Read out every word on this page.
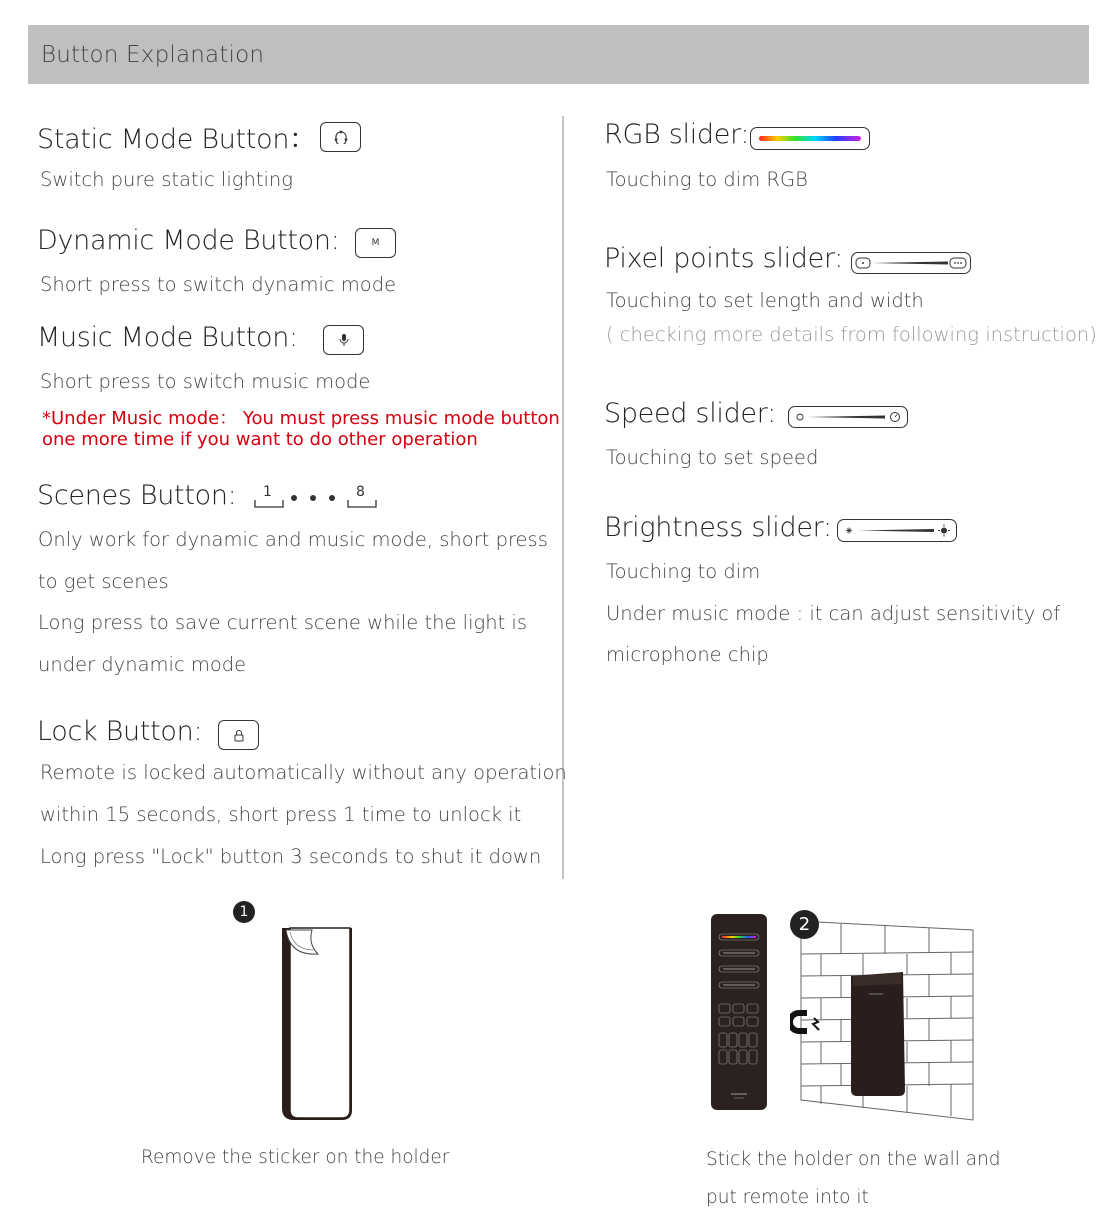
Button Explanation
Static Mode Button：
Switch pure static lighting
Dynamic Mode Button:	M
Short press to switch dynamic mode
Music Mode Button:
Short press to switch music mode
*Under Music mode： You must press music mode button
one more time if you want to do other operation
Scenes Button: 1	8
Only work for dynamic and music mode, short press
to get scenes
Long press to save current scene while the light is
under dynamic mode
Lock Button:
Remote is locked automatically without any operation
within 15 seconds, short press 1 time to unlock it
Long press "Lock" button 3 seconds to shut it down
RGB slider:
Touching to dim RGB
Pixel points slider:
Touching to set length and width
( checking more details from following instruction)
Speed slider:
Touching to set speed
Brightness slider:
Touching to dim
Under music mode : it can adjust sensitivity of
microphone chip
1
Remove the sticker on the holder
2
Stick the holder on the wall and
put remote into it
